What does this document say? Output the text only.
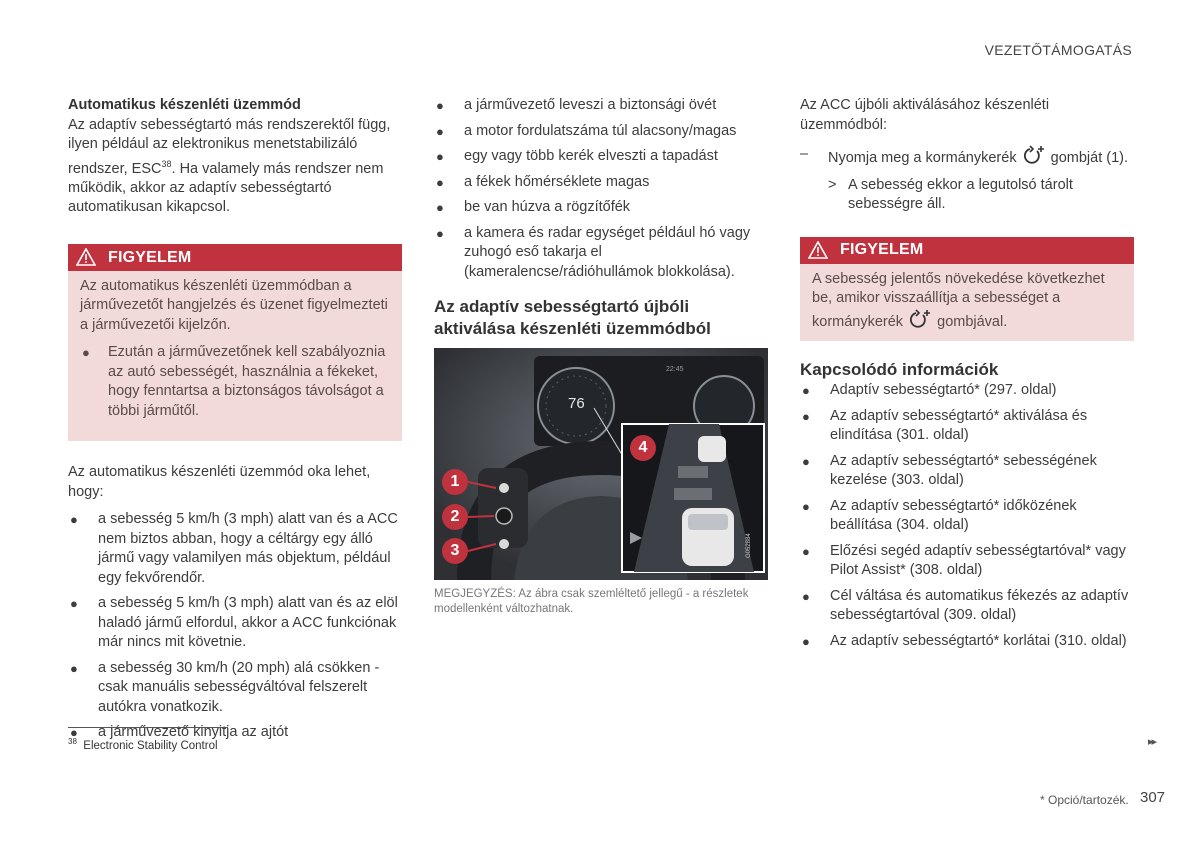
VEZETŐTÁMOGATÁS

Automatikus készenléti üzemmód

Az adaptív sebességtartó más rendszerektől függ, ilyen például az elektronikus menetstabilizáló rendszer, ESC$^{38}$. Ha valamely más rendszer nem működik, akkor az adaptív sebességtartó automatikusan kikapcsol.

FIGYELEM

Az automatikus készenléti üzemmódban a járművezetőt hangjelzés és üzenet figyelmezteti a járművezetői kijelzőn.

● Ezután a járművezetőnek kell szabályoznia az autó sebességét, használnia a fékeket, hogy fenntartsa a biztonságos távolságot a többi járműtől.

Az automatikus készenléti üzemmód oka lehet, hogy:

● a sebesség 5 km/h (3 mph) alatt van és a ACC nem biztos abban, hogy a céltárgy egy álló jármű vagy valamilyen más objektum, például egy fekvőrendőr.
● a sebesség 5 km/h (3 mph) alatt van és az elöl haladó jármű elfordul, akkor a ACC funkciónak már nincs mit követnie.
● a sebesség 30 km/h (20 mph) alá csökken - csak manuális sebességváltóval felszerelt autókra vonatkozik.
● a járművezető kinyitja az ajtót
● a járművezető leveszi a biztonsági övét
● a motor fordulatszáma túl alacsony/magas
● egy vagy több kerék elveszti a tapadást
● a fékek hőmérséklete magas
● be van húzva a rögzítőfék
● a kamera és radar egységet például hó vagy zuhogó eső takarja el (kameralencse/rádióhullámok blokkolása).

Az adaptív sebességtartó újbóli aktiválása készenléti üzemmódból

76
22:45
1
2
3
4
G052884

MEGJEGYZÉS: Az ábra csak szemléltető jellegű - a részletek modellenként változhatnak.

Az ACC újbóli aktiválásához készenléti üzemmódból:

– Nyomja meg a kormánykerék gombját (1).
> A sebesség ekkor a legutolsó tárolt sebességre áll.
FIGYELEM
A sebesség jelentős növekedése következhet be, amikor visszaállítja a sebességet a kormánykerék gombjával.

Kapcsolódó információk

● Adaptív sebességtartó* (297. oldal)
● Az adaptív sebességtartó* aktiválása és elindítása (301. oldal)
● Az adaptív sebességtartó* sebességének kezelése (303. oldal)
● Az adaptív sebességtartó* időközének beállítása (304. oldal)
● Előzési segéd adaptív sebességtartóval* vagy Pilot Assist* (308. oldal)
● Cél váltása és automatikus fékezés az adaptív sebességtartóval (309. oldal)
● Az adaptív sebességtartó* korlátai (310. oldal)
$^{38}$ Electronic Stability Control	▸▸
* Opció/tartozék. 307
